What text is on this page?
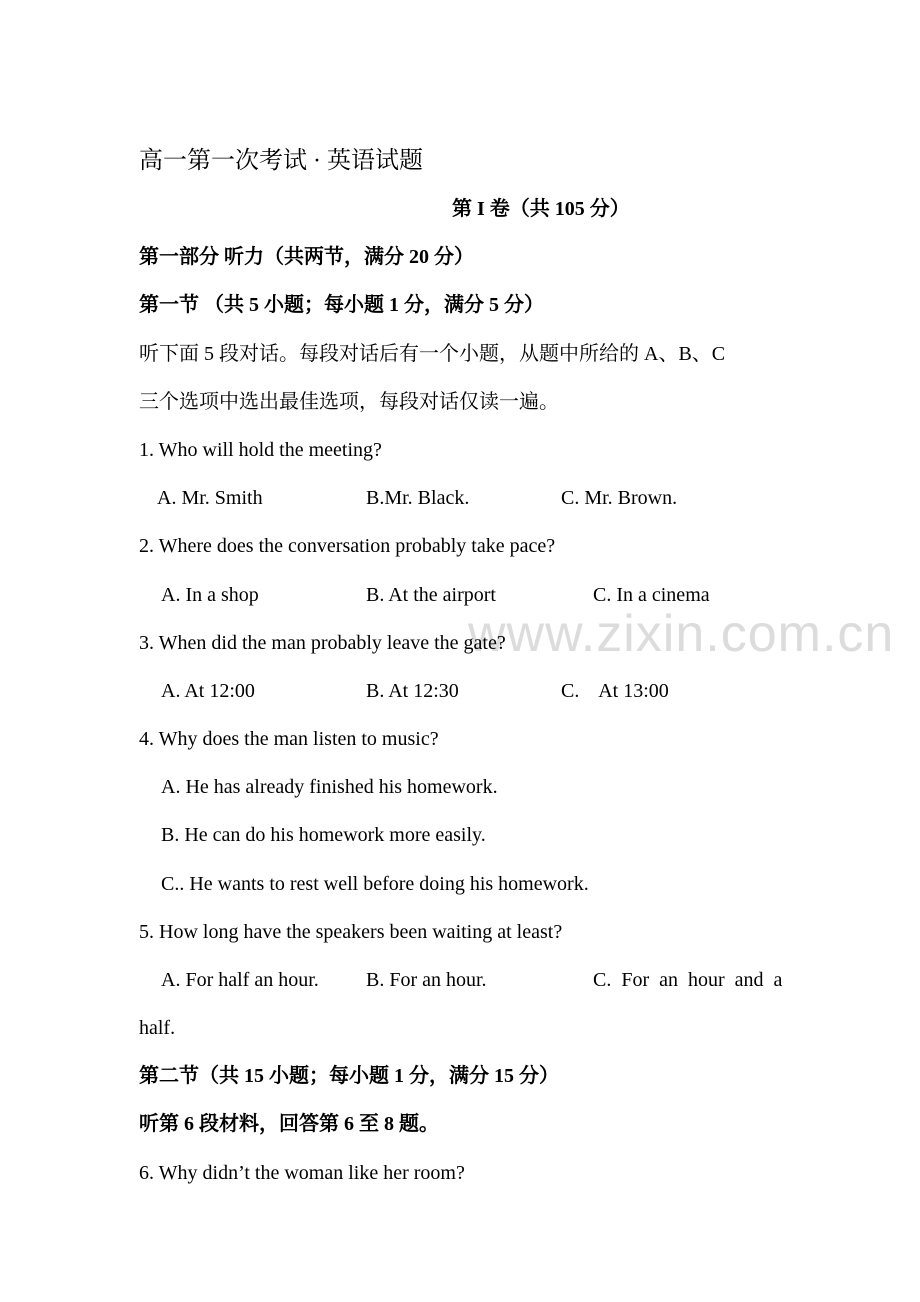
www.zixin.com.cn
高一第一次考试 · 英语试题
第 I 卷（共 105 分）
第一部分 听力（共两节，满分 20 分）
第一节 （共 5 小题；每小题 1 分，满分 5 分）
听下面 5 段对话。每段对话后有一个小题，从题中所给的 A、B、C
三个选项中选出最佳选项，每段对话仅读一遍。
1. Who will hold the meeting?
A. Mr. Smith	B.Mr. Black.	C. Mr. Brown.
2. Where does the conversation probably take pace?
A. In a shop	B. At the airport	C. In a cinema
3. When did the man probably leave the gate?
A. At 12:00	B. At 12:30	C.    At 13:00
4. Why does the man listen to music?
A. He has already finished his homework.
B. He can do his homework more easily.
C.. He wants to rest well before doing his homework.
5. How long have the speakers been waiting at least?
A. For half an hour. B. For an hour.	C. For an hour and a
half.
第二节（共 15 小题；每小题 1 分，满分 15 分）
听第 6 段材料，回答第 6 至 8 题。
6. Why didn’t the woman like her room?
